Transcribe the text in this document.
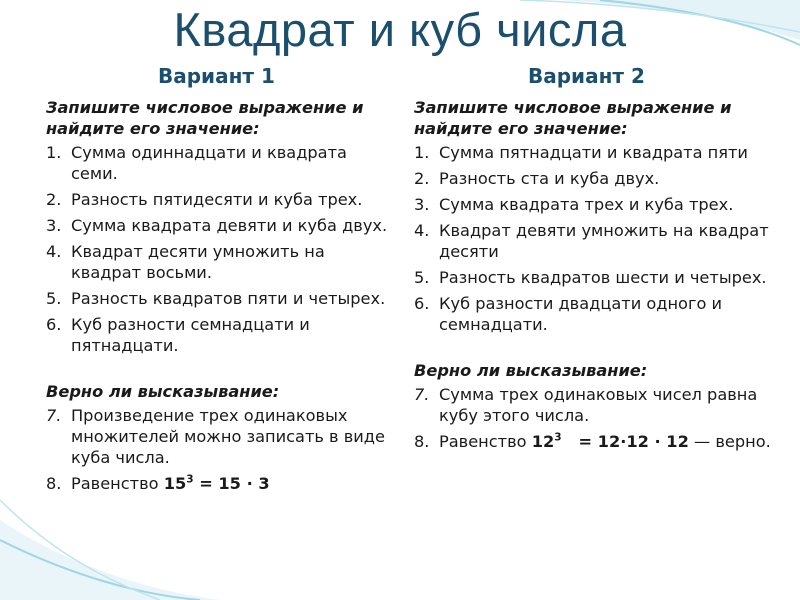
Квадрат и куб числа
Вариант 1	Вариант 2
Запишите числовое выражение и найдите его значение:
1. Сумма одиннадцати и квадрата семи.
2. Разность пятидесяти и куба трех.
3. Сумма квадрата девяти и куба двух.
4. Квадрат десяти умножить на квадрат восьми.
5. Разность квадратов пяти и четырех.
6. Куб разности семнадцати и пятнадцати.
Верно ли высказывание:
7. Произведение трех одинаковых множителей можно записать в виде куба числа.
8. Равенство $15^3 = 15 \cdot 3$
Запишите числовое выражение и найдите его значение:
1. Сумма пятнадцати и квадрата пяти
2. Разность ста и куба двух.
3. Сумма квадрата трех и куба трех.
4. Квадрат девяти умножить на квадрат десяти
5. Разность квадратов шести и четырех.
6. Куб разности двадцати одного и семнадцати.
Верно ли высказывание:
7. Сумма трех одинаковых чисел равна кубу этого числа.
8. Равенство $12^3 = 12\cdot 12 \cdot 12$ — верно.
